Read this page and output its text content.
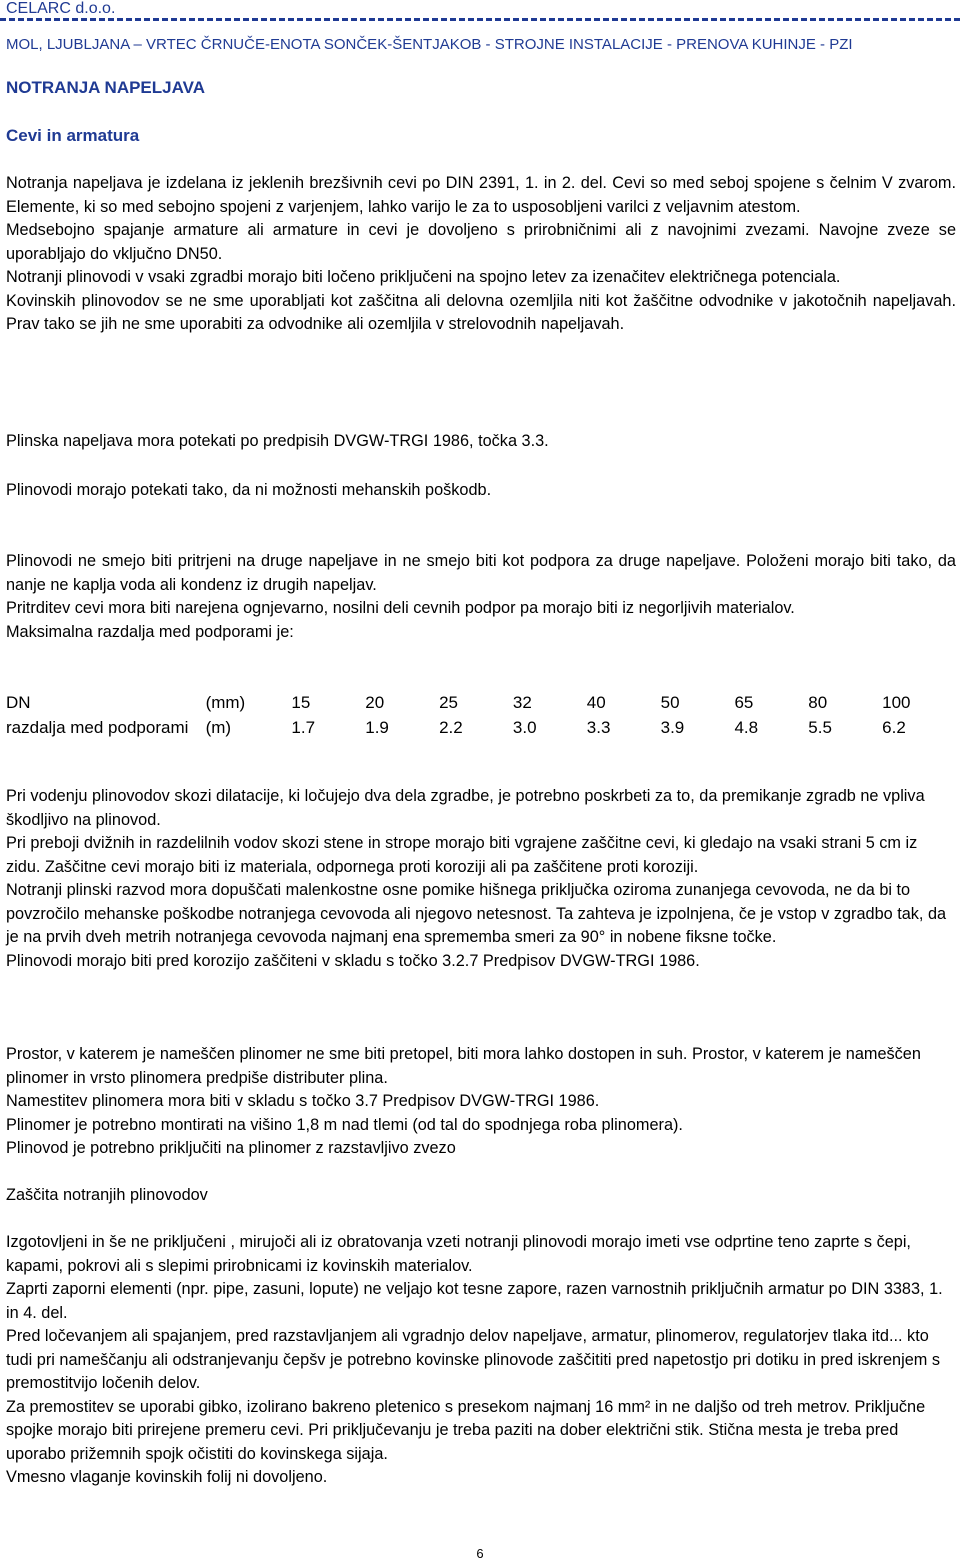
CELARC d.o.o.
MOL, LJUBLJANA – VRTEC ČRNUČE-ENOTA SONČEK-ŠENTJAKOB - STROJNE INSTALACIJE - PRENOVA KUHINJE - PZI
NOTRANJA NAPELJAVA
Cevi in armatura

Notranja napeljava je izdelana iz jeklenih brezšivnih cevi po DIN 2391, 1. in 2. del. Cevi so med seboj spojene s čelnim V zvarom. Elemente, ki so med sebojno spojeni z varjenjem, lahko varijo le za to usposobljeni varilci z veljavnim atestom.

Medsebojno spajanje armature ali armature in cevi je dovoljeno s prirobničnimi ali z navojnimi zvezami. Navojne zveze se uporabljajo do vključno DN50.

Notranji plinovodi v vsaki zgradbi morajo biti ločeno priključeni na spojno letev za izenačitev električnega potenciala.

Kovinskih plinovodov se ne sme uporabljati kot zaščitna ali delovna ozemljila niti kot žaščitne odvodnike v jakotočnih napeljavah. Prav tako se jih ne sme uporabiti za odvodnike ali ozemljila v strelovodnih napeljavah.

Plinska napeljava mora potekati po predpisih DVGW-TRGI 1986, točka 3.3.
Plinovodi morajo potekati tako, da ni možnosti mehanskih poškodb.

Plinovodi ne smejo biti pritrjeni na druge napeljave in ne smejo biti kot podpora za druge napeljave. Položeni morajo biti tako, da nanje ne kaplja voda ali kondenz iz drugih napeljav.

Pritrditev cevi mora biti narejena ognjevarno, nosilni deli cevnih podpor pa morajo biti iz negorljivih materialov.

Maksimalna razdalja med podporami je:

DN	(mm)	15	20	25	32	40	50	65	80	100
razdalja med podporami	(m)	1.7	1.9	2.2	3.0	3.3	3.9	4.8	5.5	6.2

Pri vodenju plinovodov skozi dilatacije, ki ločujejo dva dela zgradbe, je potrebno poskrbeti za to, da premikanje zgradb ne vpliva škodljivo na plinovod.

Pri preboji dvižnih in razdelilnih vodov skozi stene in strope morajo biti vgrajene zaščitne cevi, ki gledajo na vsaki strani 5 cm iz zidu. Zaščitne cevi morajo biti iz materiala, odpornega proti koroziji ali pa zaščitene proti koroziji.

Notranji plinski razvod mora dopuščati malenkostne osne pomike hišnega priključka oziroma zunanjega cevovoda, ne da bi to povzročilo mehanske poškodbe notranjega cevovoda ali njegovo netesnost. Ta zahteva je izpolnjena, če je vstop v zgradbo tak, da je na prvih dveh metrih notranjega cevovoda najmanj ena sprememba smeri za 90° in nobene fiksne točke.

Plinovodi morajo biti pred korozijo zaščiteni v skladu s točko 3.2.7 Predpisov DVGW-TRGI 1986.

Prostor, v katerem je nameščen plinomer ne sme biti pretopel, biti mora lahko dostopen in suh. Prostor, v katerem je nameščen plinomer in vrsto plinomera predpiše distributer plina.

Namestitev plinomera mora biti v skladu s točko 3.7 Predpisov DVGW-TRGI 1986.

Plinomer je potrebno montirati na višino 1,8 m nad tlemi (od tal do spodnjega roba plinomera).

Plinovod je potrebno priključiti na plinomer z razstavljivo zvezo

Zaščita notranjih plinovodov

Izgotovljeni in še ne priključeni , mirujoči ali iz obratovanja vzeti notranji plinovodi morajo imeti vse odprtine teno zaprte s čepi, kapami, pokrovi ali s slepimi prirobnicami iz kovinskih materialov.

Zaprti zaporni elementi (npr. pipe, zasuni, lopute) ne veljajo kot tesne zapore, razen varnostnih priključnih armatur po DIN 3383, 1. in 4. del.

Pred ločevanjem ali spajanjem, pred razstavljanjem ali vgradnjo delov napeljave, armatur, plinomerov, regulatorjev tlaka itd... kto tudi pri nameščanju ali odstranjevanju čepšv je potrebno kovinske plinovode zaščititi pred napetostjo pri dotiku in pred iskrenjem s premostitvijo ločenih delov.

Za premostitev se uporabi gibko, izolirano bakreno pletenico s presekom najmanj 16 mm² in ne daljšo od treh metrov. Priključne spojke morajo biti prirejene premeru cevi. Pri priključevanju je treba paziti na dober električni stik. Stična mesta je treba pred uporabo prižemnih spojk očistiti do kovinskega sijaja.

Vmesno vlaganje kovinskih folij ni dovoljeno.

6
